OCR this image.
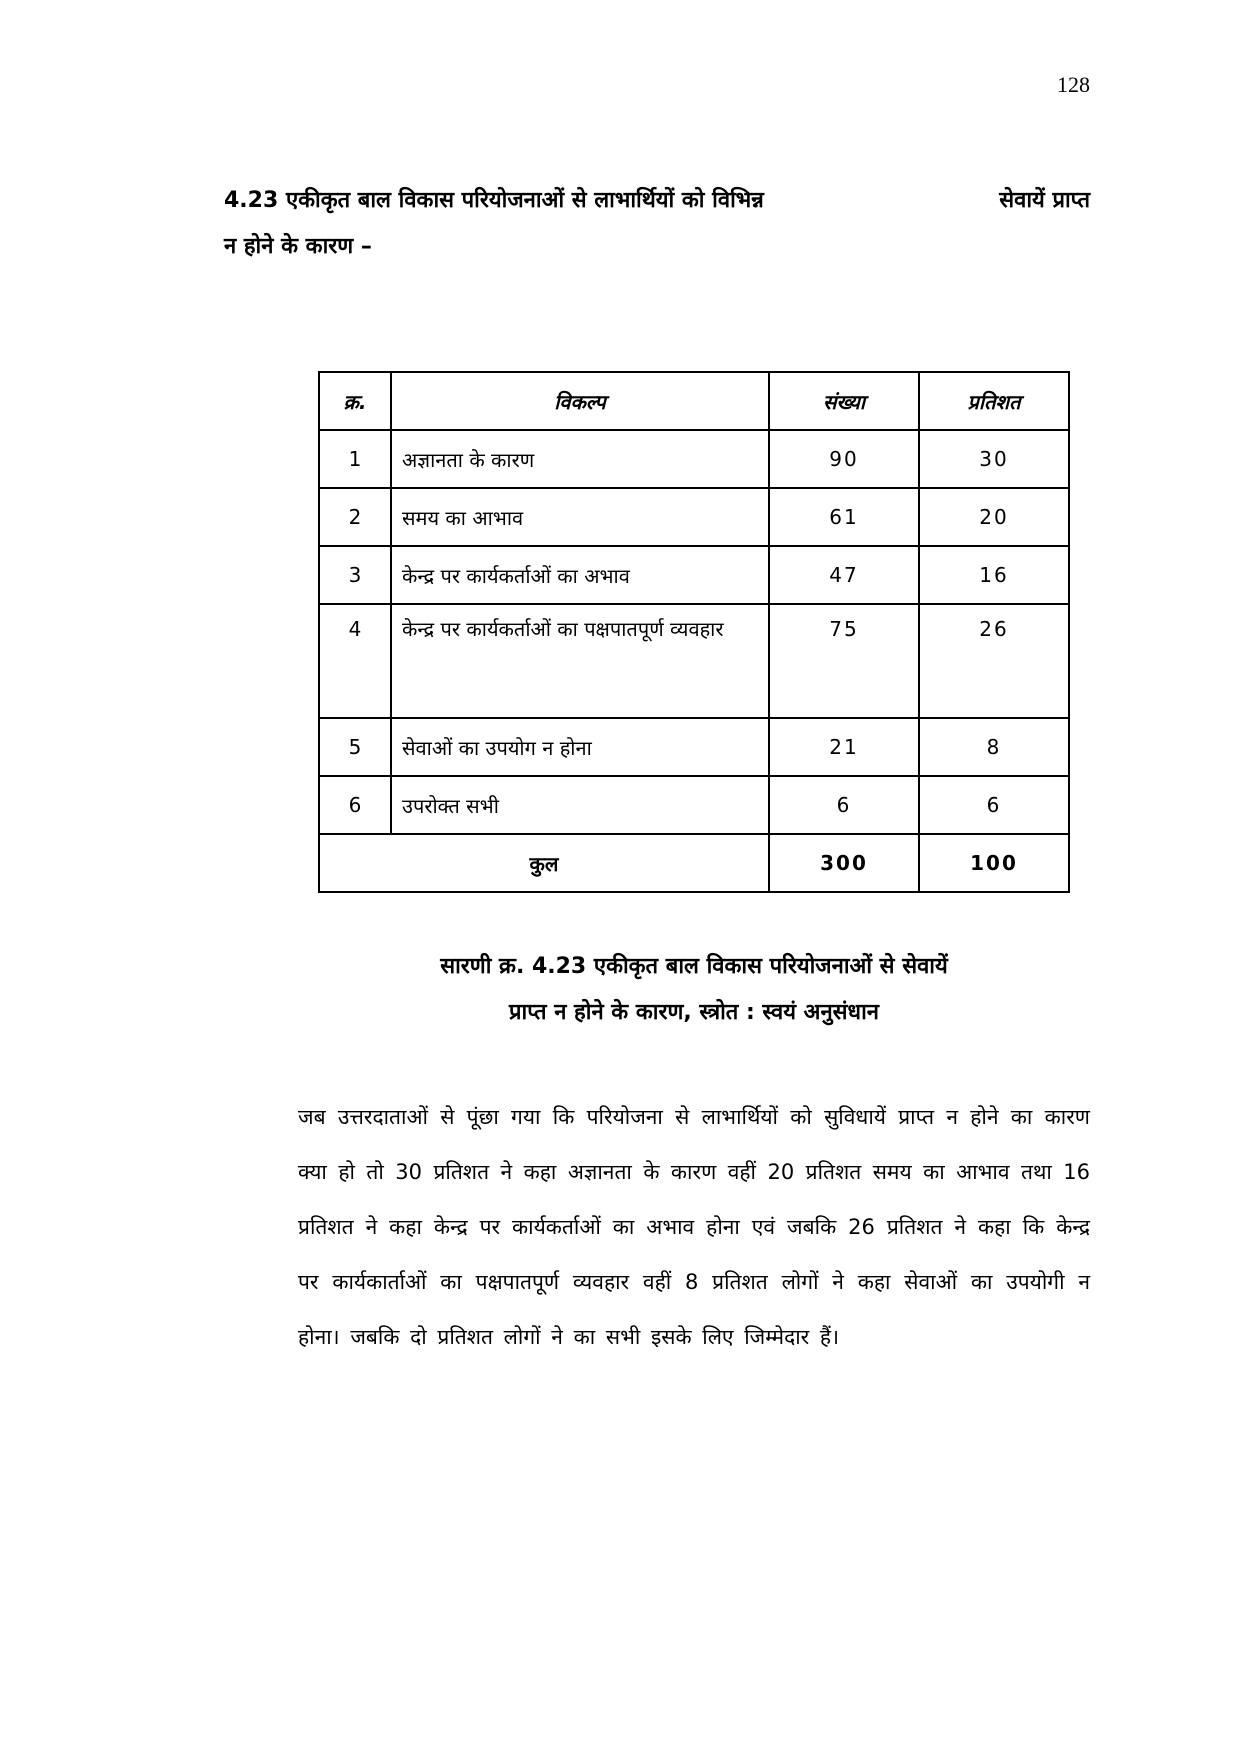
128
4.23 एकीकृत बाल विकास परियोजनाओं से लाभार्थियों को विभिन्न	सेवायें प्राप्त
न होने के कारण –
क्र.	विकल्प	संख्या	प्रतिशत
1	अज्ञानता के कारण	90	30
2	समय का आभाव	61	20
3	केन्द्र पर कार्यकर्ताओं का अभाव	47	16
4	केन्द्र पर कार्यकर्ताओं का पक्षपातपूर्ण व्यवहार	75	26
5	सेवाओं का उपयोग न होना	21	8
6	उपरोक्त सभी	6	6
कुल		300	100
सारणी क्र. 4.23 एकीकृत बाल विकास परियोजनाओं से सेवायें
प्राप्त न होने के कारण, स्त्रोत : स्वयं अनुसंधान

जब उत्तरदाताओं से पूंछा गया कि परियोजना से लाभार्थियों को सुविधायें प्राप्त न होने का कारण क्या हो तो 30 प्रतिशत ने कहा अज्ञानता के कारण वहीं 20 प्रतिशत समय का आभाव तथा 16 प्रतिशत ने कहा केन्द्र पर कार्यकर्ताओं का अभाव होना एवं जबकि 26 प्रतिशत ने कहा कि केन्द्र पर कार्यकार्ताओं का पक्षपातपूर्ण व्यवहार वहीं 8 प्रतिशत लोगों ने कहा सेवाओं का उपयोगी न होना। जबकि दो प्रतिशत लोगों ने का सभी इसके लिए जिम्मेदार हैं।
